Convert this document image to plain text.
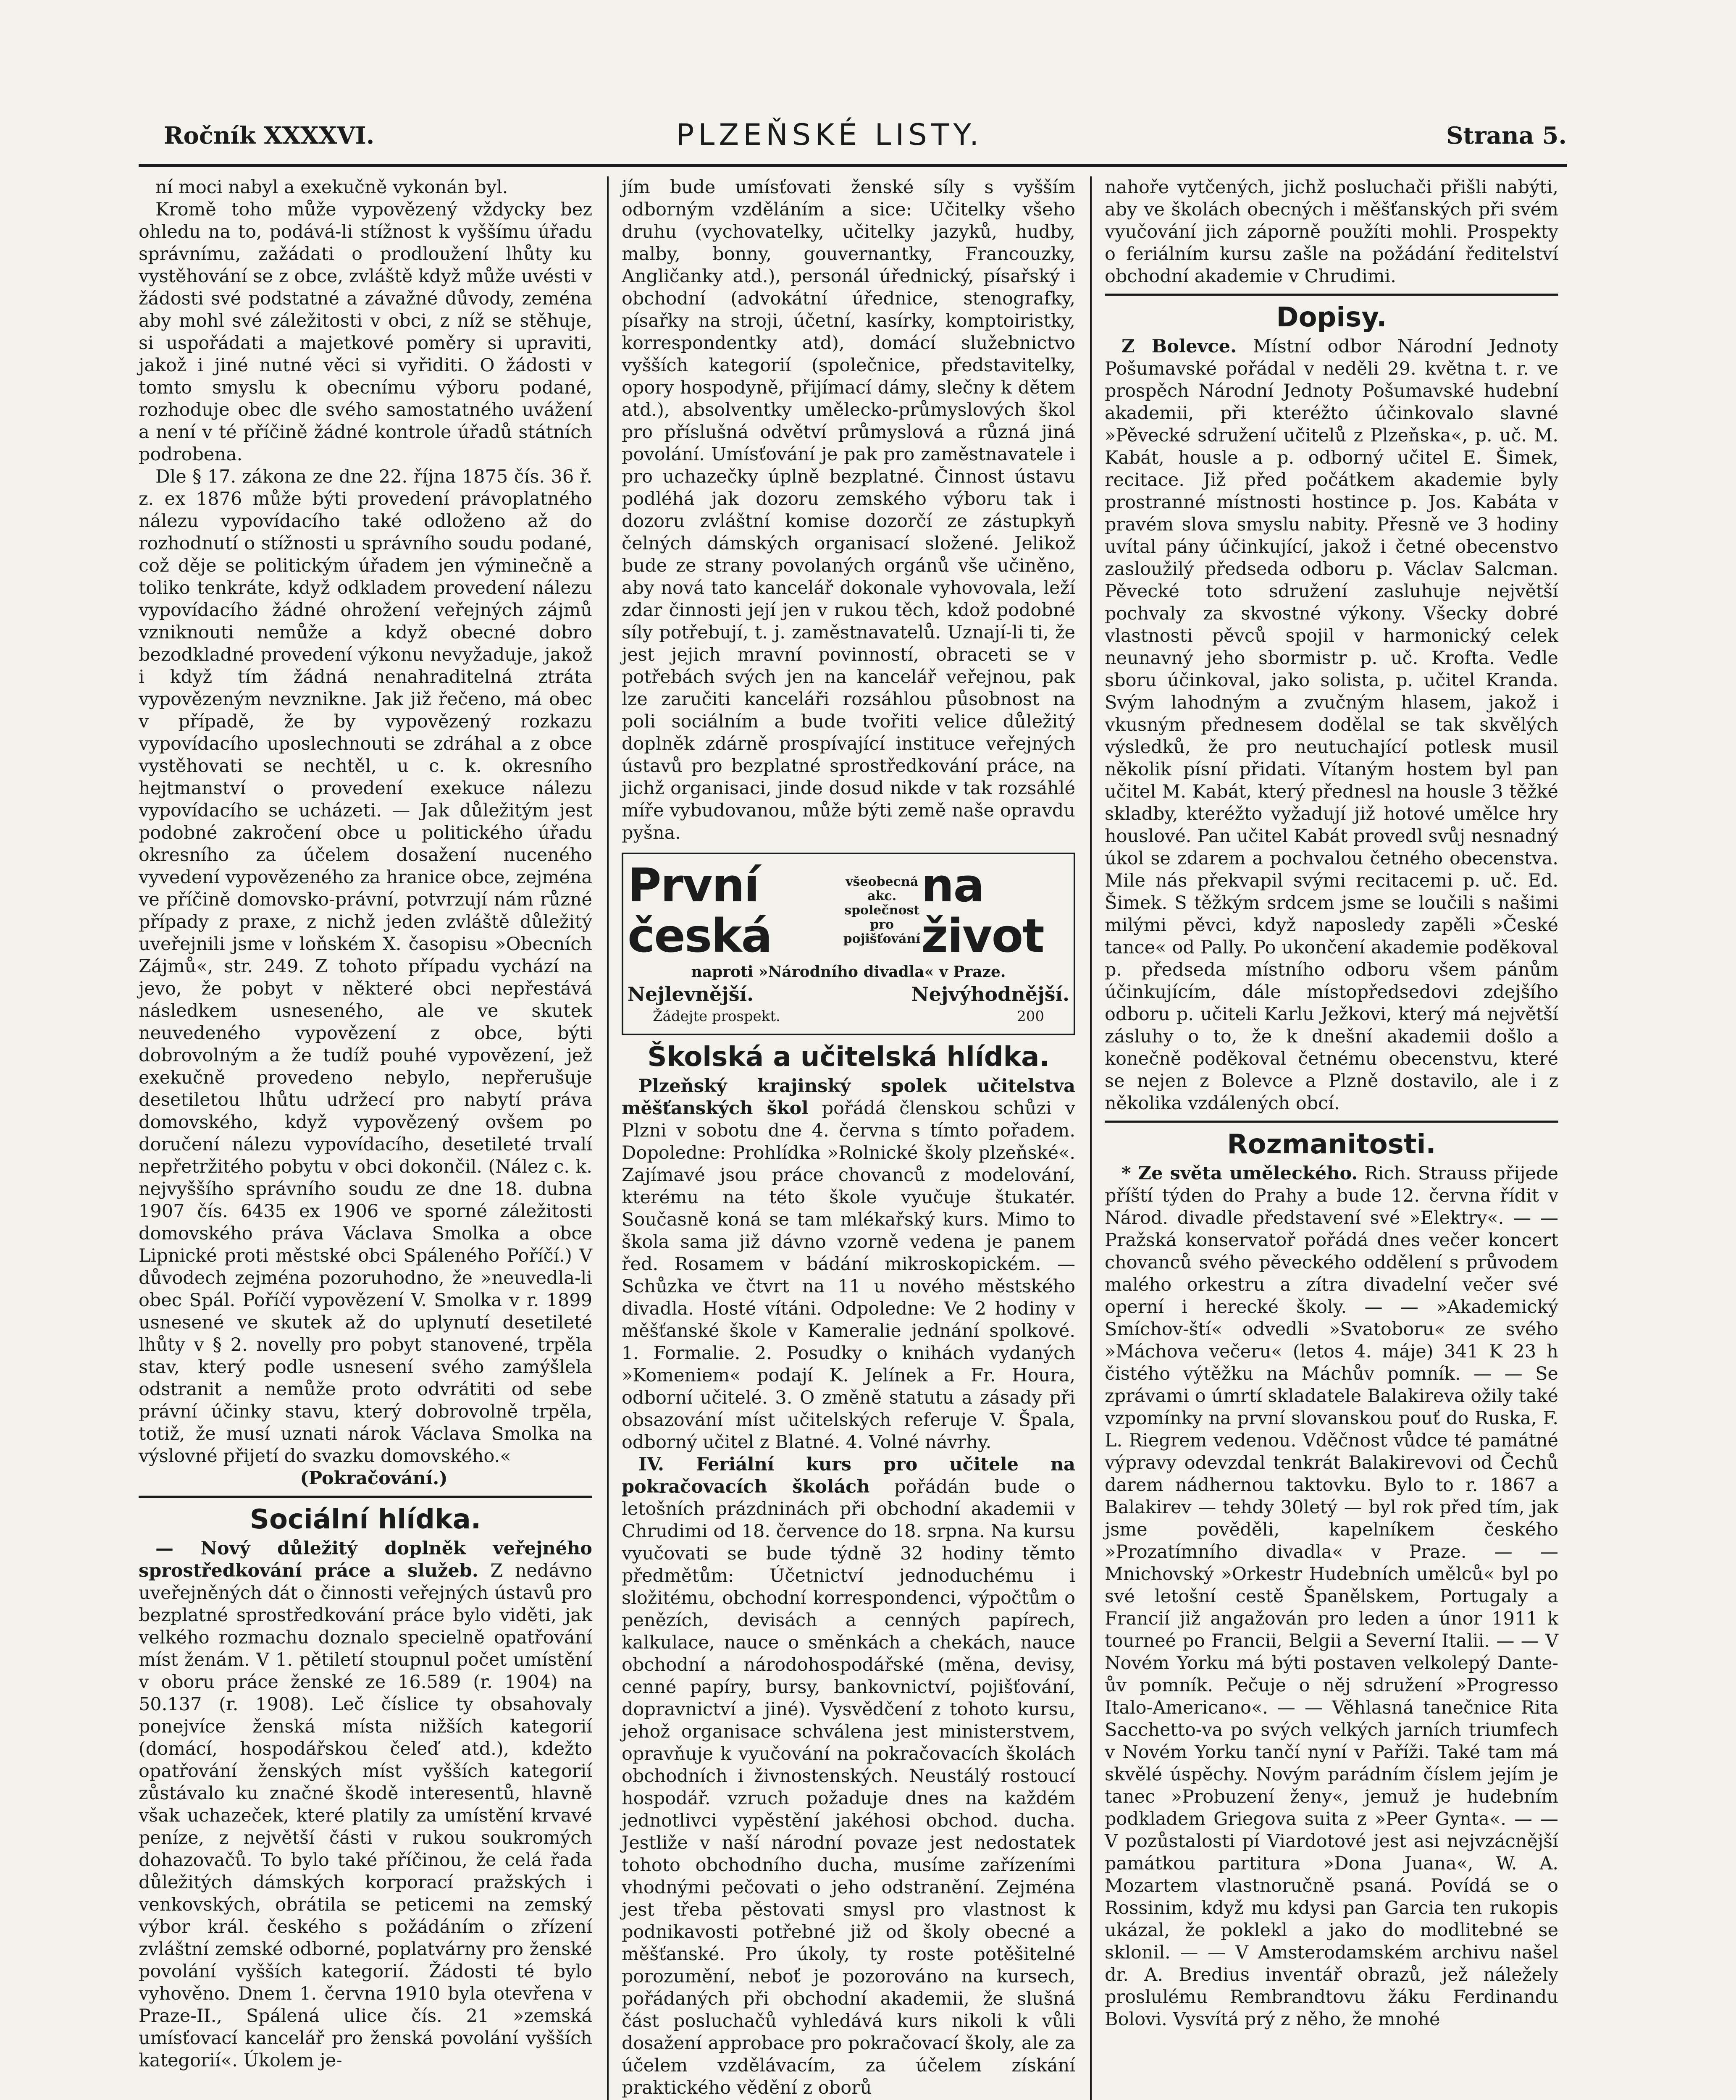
Ročník XXXXVI.	PLZEŇSKÉ LISTY.	Strana 5.

ní moci nabyl a exekučně vykonán byl.

Kromě toho může vypovězený vždycky bez ohledu na to, podává-li stížnost k vyššímu úřadu správnímu, zažádati o prodloužení lhůty ku vystěhování se z obce, zvláště když může uvésti v žádosti své podstatné a závažné důvody, zeména aby mohl své záležitosti v obci, z níž se stěhuje, si uspořádati a majetkové poměry si upraviti, jakož i jiné nutné věci si vyřiditi. O žádosti v tomto smyslu k obecnímu výboru podané, rozhoduje obec dle svého samostatného uvážení a není v té příčině žádné kontrole úřadů státních podrobena.

Dle § 17. zákona ze dne 22. října 1875 čís. 36 ř. z. ex 1876 může býti provedení právoplatného nálezu vypovídacího také odloženo až do rozhodnutí o stížnosti u správního soudu podané, což děje se politickým úřadem jen výminečně a toliko tenkráte, když odkladem provedení nálezu vypovídacího žádné ohrožení veřejných zájmů vzniknouti nemůže a když obecné dobro bezodkladné provedení výkonu nevyžaduje, jakož i když tím žádná nenahraditelná ztráta vypovězeným nevznikne. Jak již řečeno, má obec v případě, že by vypovězený rozkazu vypovídacího uposlechnouti se zdráhal a z obce vystěhovati se nechtěl, u c. k. okresního hejtmanství o provedení exekuce nálezu vypovídacího se ucházeti. — Jak důležitým jest podobné zakročení obce u politického úřadu okresního za účelem dosažení nuceného vyvedení vypovězeného za hranice obce, zejména ve příčině domovsko-právní, potvrzují nám různé případy z praxe, z nichž jeden zvláště důležitý uveřejnili jsme v loňském X. časopisu »Obecních Zájmů«, str. 249. Z tohoto případu vychází na jevo, že pobyt v některé obci nepřestává následkem usneseného, ale ve skutek neuvedeného vypovězení z obce, býti dobrovolným a že tudíž pouhé vypovězení, jež exekučně provedeno nebylo, nepřerušuje desetiletou lhůtu udržecí pro nabytí práva domovského, když vypovězený ovšem po doručení nálezu vypovídacího, desetileté trvalí nepřetržitého pobytu v obci dokončil. (Nález c. k. nejvyššího správního soudu ze dne 18. dubna 1907 čís. 6435 ex 1906 ve sporné záležitosti domovského práva Václava Smolka a obce Lipnické proti městské obci Spáleného Poříčí.) V důvodech zejména pozoruhodno, že »neuvedla-li obec Spál. Poříčí vypovězení V. Smolka v r. 1899 usnesené ve skutek až do uplynutí desetileté lhůty v § 2. novelly pro pobyt stanovené, trpěla stav, který podle usnesení svého zamýšlela odstranit a nemůže proto odvrátiti od sebe právní účinky stavu, který dobrovolně trpěla, totiž, že musí uznati nárok Václava Smolka na výslovné přijetí do svazku domovského.«

(Pokračování.)

Sociální hlídka.

— Nový důležitý doplněk veřejného sprostředkování práce a služeb. Z nedávno uveřejněných dát o činnosti veřejných ústavů pro bezplatné sprostředkování práce bylo viděti, jak velkého rozmachu doznalo specielně opatřování míst ženám. V 1. pětiletí stoupnul počet umístění v oboru práce ženské ze 16.589 (r. 1904) na 50.137 (r. 1908). Leč číslice ty obsahovaly ponejvíce ženská místa nižších kategorií (domácí, hospodářskou čeleď atd.), kdežto opatřování ženských míst vyšších kategorií zůstávalo ku značné škodě interesentů, hlavně však uchazeček, které platily za umístění krvavé peníze, z největší části v rukou soukromých dohazovačů. To bylo také příčinou, že celá řada důležitých dámských korporací pražských i venkovských, obrátila se peticemi na zemský výbor král. českého s požádáním o zřízení zvláštní zemské odborné, poplatvárny pro ženské povolání vyšších kategorií. Žádosti té bylo vyhověno. Dnem 1. června 1910 byla otevřena v Praze-II., Spálená ulice čís. 21 »zemská umísťovací kancelář pro ženská povolání vyšších kategorií«. Úkolem je-

jím bude umísťovati ženské síly s vyšším odborným vzděláním a sice: Učitelky všeho druhu (vychovatelky, učitelky jazyků, hudby, malby, bonny, gouvernantky, Francouzky, Angličanky atd.), personál úřednický, písařský i obchodní (advokátní úřednice, stenografky, písařky na stroji, účetní, kasírky, komptoiristky, korrespondentky atd), domácí služebnictvo vyšších kategorií (společnice, představitelky, opory hospodyně, přijímací dámy, slečny k dětem atd.), absolventky umělecko-průmyslových škol pro příslušná odvětví průmyslová a různá jiná povolání. Umísťování je pak pro zaměstnavatele i pro uchazečky úplně bezplatné. Činnost ústavu podléhá jak dozoru zemského výboru tak i dozoru zvláštní komise dozorčí ze zástupkyň čelných dámských organisací složené. Jelikož bude ze strany povolaných orgánů vše učiněno, aby nová tato kancelář dokonale vyhovovala, leží zdar činnosti její jen v rukou těch, kdož podobné síly potřebují, t. j. zaměstnavatelů. Uznají-li ti, že jest jejich mravní povinností, obraceti se v potřebách svých jen na kancelář veřejnou, pak lze zaručiti kanceláři rozsáhlou působnost na poli sociálním a bude tvořiti velice důležitý doplněk zdárně prospívající instituce veřejných ústavů pro bezplatné sprostředkování práce, na jichž organisaci, jinde dosud nikde v tak rozsáhlé míře vybudovanou, může býti země naše opravdu pyšna.

První česká
všeobecná akc.
společnost
pro pojišťování
na život
naproti »Národního divadla« v Praze.
Nejlevnější.	Nejvýhodnější.
Žádejte prospekt.	200
Školská a učitelská hlídka.

Plzeňský krajinský spolek učitelstva měšťanských škol pořádá členskou schůzi v Plzni v sobotu dne 4. června s tímto pořadem. Dopoledne: Prohlídka »Rolnické školy plzeňské«. Zajímavé jsou práce chovanců z modelování, kterému na této škole vyučuje štukatér. Současně koná se tam mlékařský kurs. Mimo to škola sama již dávno vzorně vedena je panem řed. Rosamem v bádání mikroskopickém. — Schůzka ve čtvrt na 11 u nového městského divadla. Hosté vítáni. Odpoledne: Ve 2 hodiny v měšťanské škole v Kameralie jednání spolkové. 1. Formalie. 2. Posudky o knihách vydaných »Komeniem« podají K. Jelínek a Fr. Houra, odborní učitelé. 3. O změně statutu a zásady při obsazování míst učitelských referuje V. Špala, odborný učitel z Blatné. 4. Volné návrhy.

IV. Feriální kurs pro učitele na pokračovacích školách pořádán bude o letošních prázdninách při obchodní akademii v Chrudimi od 18. července do 18. srpna. Na kursu vyučovati se bude týdně 32 hodiny těmto předmětům: Účetnictví jednoduchému i složitému, obchodní korrespondenci, výpočtům o penězích, devisách a cenných papírech, kalkulace, nauce o směnkách a chekách, nauce obchodní a národohospodářské (měna, devisy, cenné papíry, bursy, bankovnictví, pojišťování, dopravnictví a jiné). Vysvědčení z tohoto kursu, jehož organisace schválena jest ministerstvem, opravňuje k vyučování na pokračovacích školách obchodních i živnostenských. Neustálý rostoucí hospodář. vzruch požaduje dnes na každém jednotlivci vypěstění jakéhosi obchod. ducha. Jestliže v naší národní povaze jest nedostatek tohoto obchodního ducha, musíme zařízeními vhodnými pečovati o jeho odstranění. Zejména jest třeba pěstovati smysl pro vlastnost k podnikavosti potřebné již od školy obecné a měšťanské. Pro úkoly, ty roste potěšitelné porozumění, neboť je pozorováno na kursech, pořádaných při obchodní akademii, že slušná část posluchačů vyhledává kurs nikoli k vůli dosažení approbace pro pokračovací školy, ale za účelem vzdělávacím, za účelem získání praktického vědění z oborů

nahoře vytčených, jichž posluchači přišli nabýti, aby ve školách obecných i měšťanských při svém vyučování jich záporně použíti mohli. Prospekty o feriálním kursu zašle na požádání ředitelství obchodní akademie v Chrudimi.

Dopisy.

Z Bolevce. Místní odbor Národní Jednoty Pošumavské pořádal v neděli 29. května t. r. ve prospěch Národní Jednoty Pošumavské hudební akademii, při kteréžto účinkovalo slavné »Pěvecké sdružení učitelů z Plzeňska«, p. uč. M. Kabát, housle a p. odborný učitel E. Šimek, recitace. Již před počátkem akademie byly prostranné místnosti hostince p. Jos. Kabáta v pravém slova smyslu nabity. Přesně ve 3 hodiny uvítal pány účinkující, jakož i četné obecenstvo zasloužilý předseda odboru p. Václav Salcman. Pěvecké toto sdružení zasluhuje největší pochvaly za skvostné výkony. Všecky dobré vlastnosti pěvců spojil v harmonický celek neunavný jeho sbormistr p. uč. Krofta. Vedle sboru účinkoval, jako solista, p. učitel Kranda. Svým lahodným a zvučným hlasem, jakož i vkusným přednesem dodělal se tak skvělých výsledků, že pro neutuchající potlesk musil několik písní přidati. Vítaným hostem byl pan učitel M. Kabát, který přednesl na housle 3 těžké skladby, kteréžto vyžadují již hotové umělce hry houslové. Pan učitel Kabát provedl svůj nesnadný úkol se zdarem a pochvalou četného obecenstva. Mile nás překvapil svými recitacemi p. uč. Ed. Šimek. S těžkým srdcem jsme se loučili s našimi milými pěvci, když naposledy zapěli »České tance« od Pally. Po ukončení akademie poděkoval p. předseda místního odboru všem pánům účinkujícím, dále místopředsedovi zdejšího odboru p. učiteli Karlu Ježkovi, který má největší zásluhy o to, že k dnešní akademii došlo a konečně poděkoval četnému obecenstvu, které se nejen z Bolevce a Plzně dostavilo, ale i z několika vzdálených obcí.

Rozmanitosti.

* Ze světa uměleckého. Rich. Strauss přijede příští týden do Prahy a bude 12. června řídit v Národ. divadle představení své »Elektry«. — — Pražská konservatoř pořádá dnes večer koncert chovanců svého pěveckého oddělení s průvodem malého orkestru a zítra divadelní večer své operní i herecké školy. — — »Akademický Smíchov-ští« odvedli »Svatoboru« ze svého »Máchova večeru« (letos 4. máje) 341 K 23 h čistého výtěžku na Máchův pomník. — — Se zprávami o úmrtí skladatele Balakireva ožily také vzpomínky na první slovanskou pouť do Ruska, F. L. Riegrem vedenou. Vděčnost vůdce té památné výpravy odevzdal tenkrát Balakirevovi od Čechů darem nádhernou taktovku. Bylo to r. 1867 a Balakirev — tehdy 30letý — byl rok před tím, jak jsme pověděli, kapelníkem českého »Prozatímního divadla« v Praze. — — Mnichovský »Orkestr Hudebních umělců« byl po své letošní cestě Španělskem, Portugaly a Francií již angažován pro leden a únor 1911 k tourneé po Francii, Belgii a Severní Italii. — — V Novém Yorku má býti postaven velkolepý Dante-ův pomník. Pečuje o něj sdružení »Progresso Italo-Americano«. — — Věhlasná tanečnice Rita Sacchetto-va po svých velkých jarních triumfech v Novém Yorku tančí nyní v Paříži. Také tam má skvělé úspěchy. Novým parádním číslem jejím je tanec »Probuzení ženy«, jemuž je hudebním podkladem Griegova suita z »Peer Gynta«. — — V pozůstalosti pí Viardotové jest asi nejvzácnější památkou partitura »Dona Juana«, W. A. Mozartem vlastnoručně psaná. Povídá se o Rossinim, když mu kdysi pan Garcia ten rukopis ukázal, že poklekl a jako do modlitebné se sklonil. — — V Amsterodamském archivu našel dr. A. Bredius inventář obrazů, jež náležely proslulému Rembrandtovu žáku Ferdinandu Bolovi. Vysvítá prý z něho, že mnohé
